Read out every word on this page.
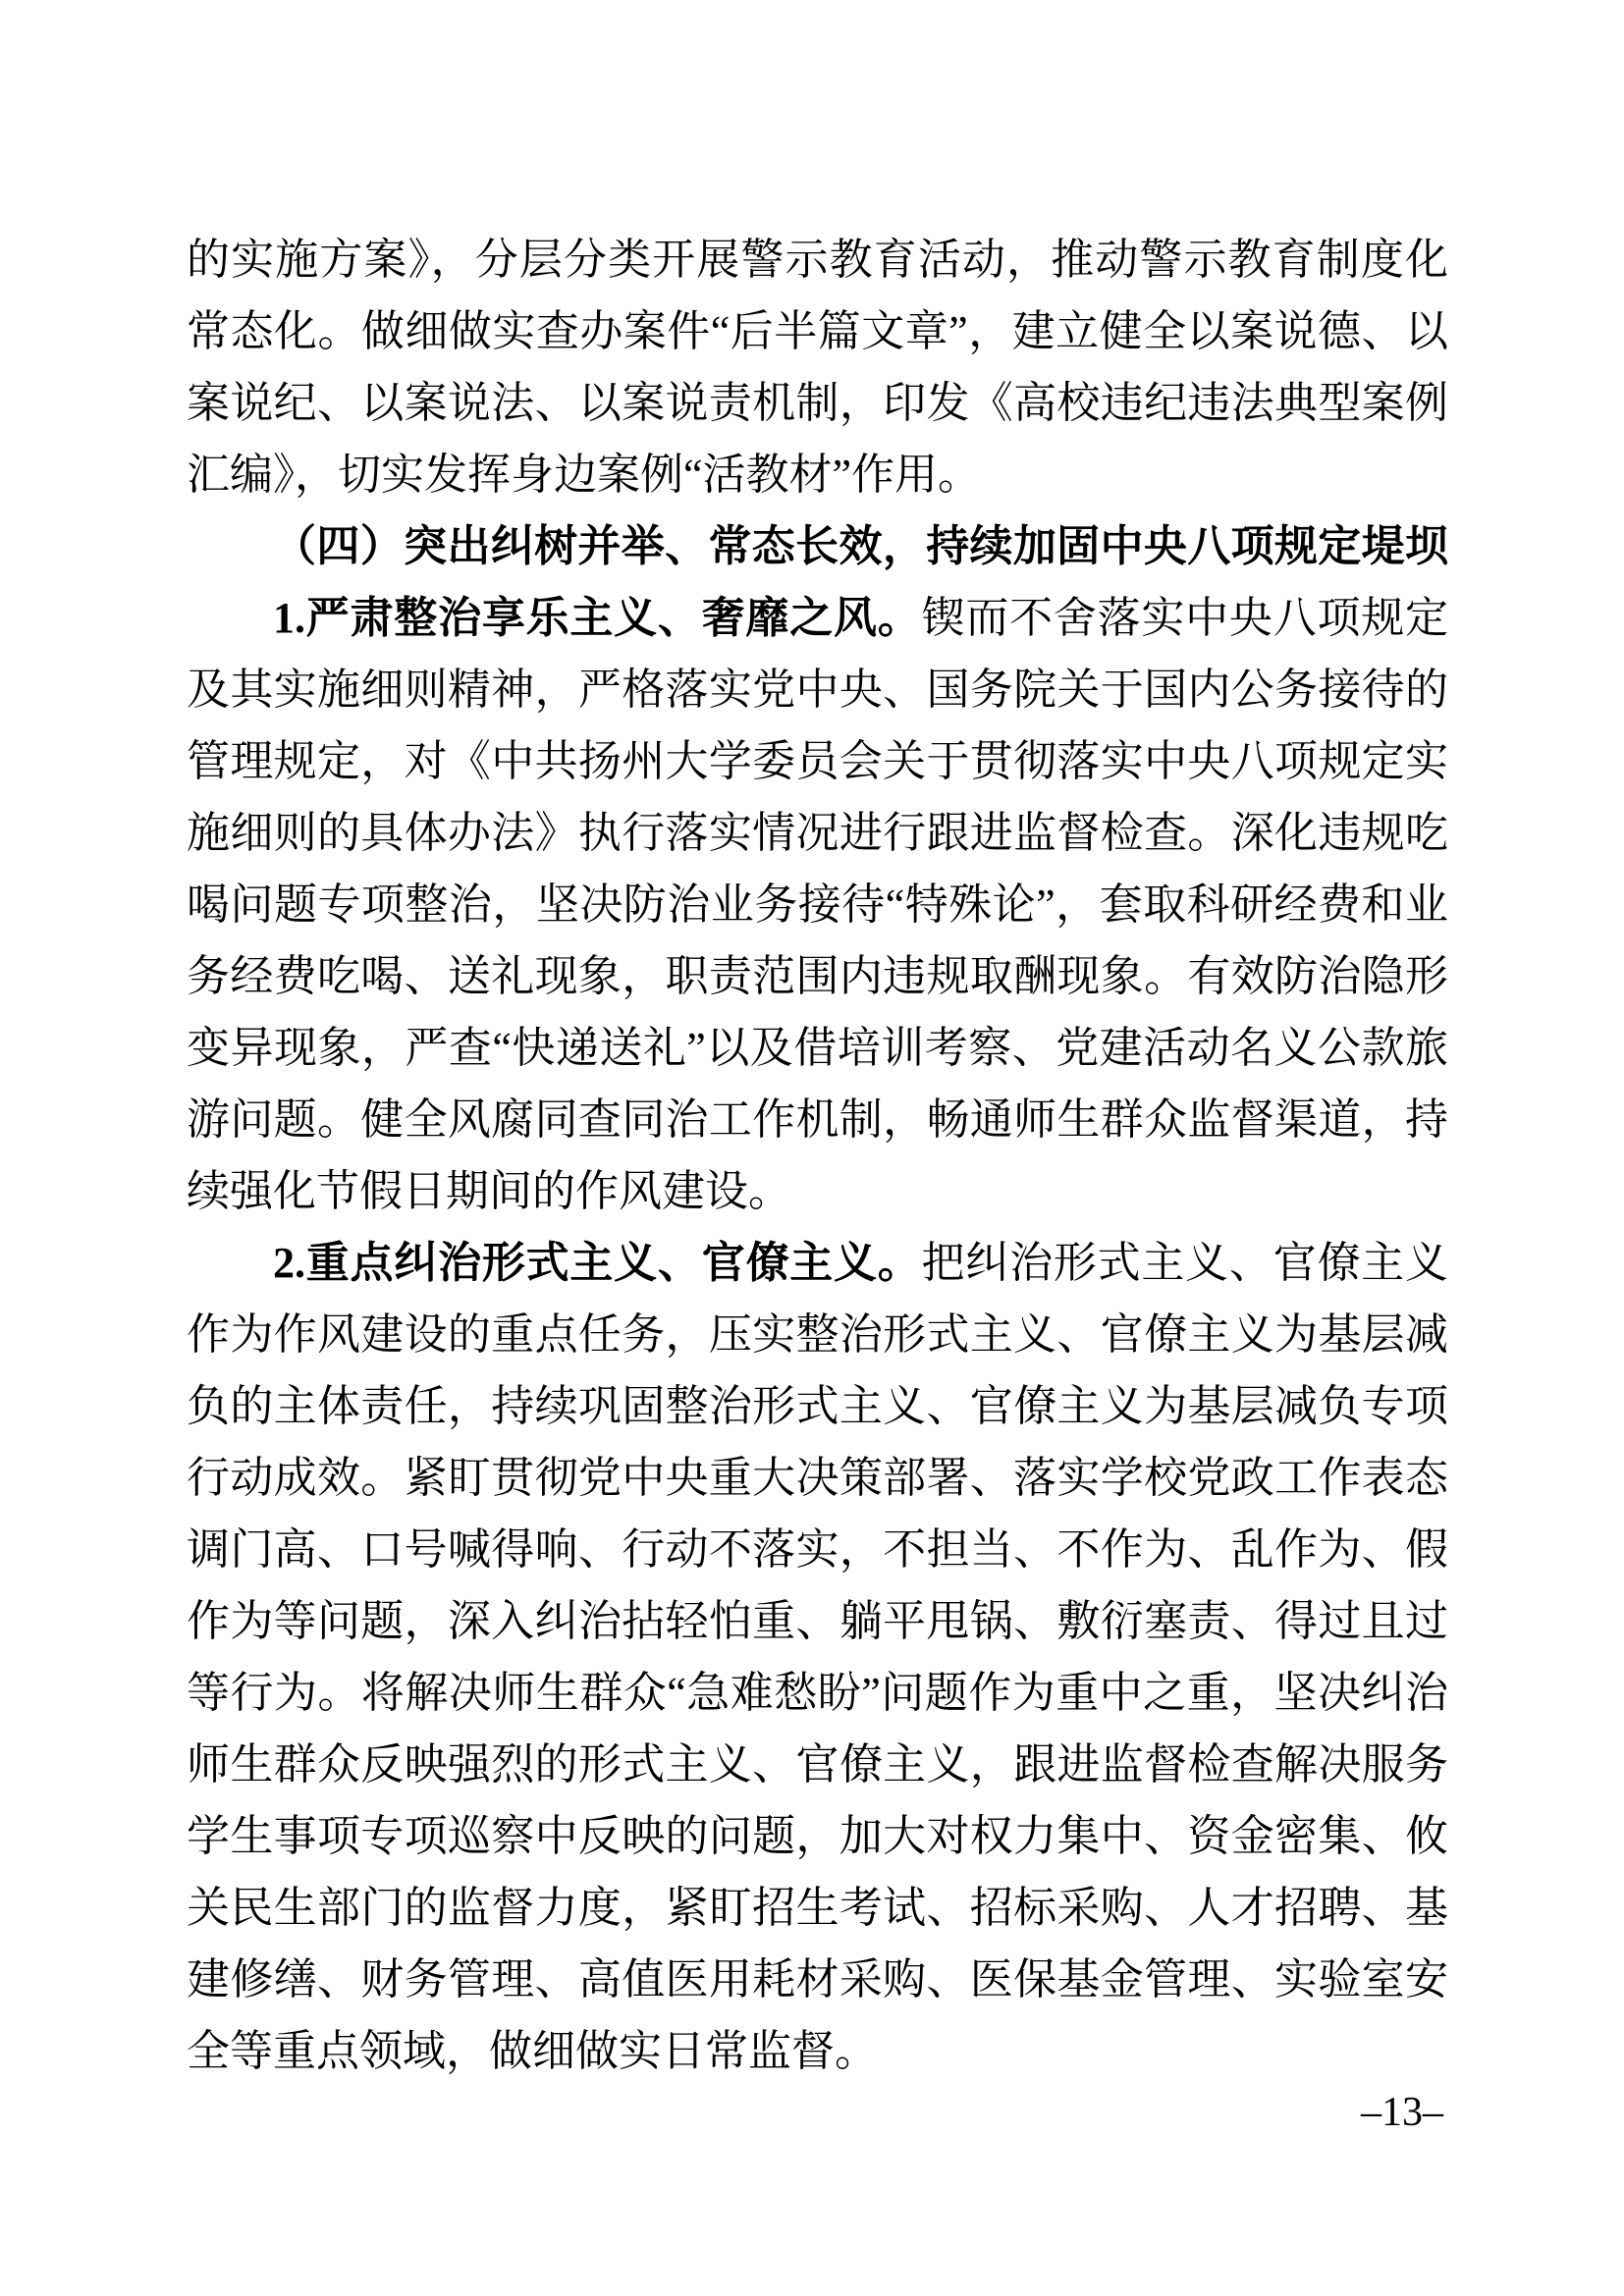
的实施方案》，分层分类开展警示教育活动，推动警示教育制度化
常态化。做细做实查办案件“后半篇文章”，建立健全以案说德、以
案说纪、以案说法、以案说责机制，印发《高校违纪违法典型案例
汇编》，切实发挥身边案例“活教材”作用。
（四）突出纠树并举、常态长效，持续加固中央八项规定堤坝
1.严肃整治享乐主义、奢靡之风。锲而不舍落实中央八项规定
及其实施细则精神，严格落实党中央、国务院关于国内公务接待的
管理规定，对《中共扬州大学委员会关于贯彻落实中央八项规定实
施细则的具体办法》执行落实情况进行跟进监督检查。深化违规吃
喝问题专项整治，坚决防治业务接待“特殊论”，套取科研经费和业
务经费吃喝、送礼现象，职责范围内违规取酬现象。有效防治隐形
变异现象，严查“快递送礼”以及借培训考察、党建活动名义公款旅
游问题。健全风腐同查同治工作机制，畅通师生群众监督渠道，持
续强化节假日期间的作风建设。
2.重点纠治形式主义、官僚主义。把纠治形式主义、官僚主义
作为作风建设的重点任务，压实整治形式主义、官僚主义为基层减
负的主体责任，持续巩固整治形式主义、官僚主义为基层减负专项
行动成效。紧盯贯彻党中央重大决策部署、落实学校党政工作表态
调门高、口号喊得响、行动不落实，不担当、不作为、乱作为、假
作为等问题，深入纠治拈轻怕重、躺平甩锅、敷衍塞责、得过且过
等行为。将解决师生群众“急难愁盼”问题作为重中之重，坚决纠治
师生群众反映强烈的形式主义、官僚主义，跟进监督检查解决服务
学生事项专项巡察中反映的问题，加大对权力集中、资金密集、攸
关民生部门的监督力度，紧盯招生考试、招标采购、人才招聘、基
建修缮、财务管理、高值医用耗材采购、医保基金管理、实验室安
全等重点领域，做细做实日常监督。
–13–
